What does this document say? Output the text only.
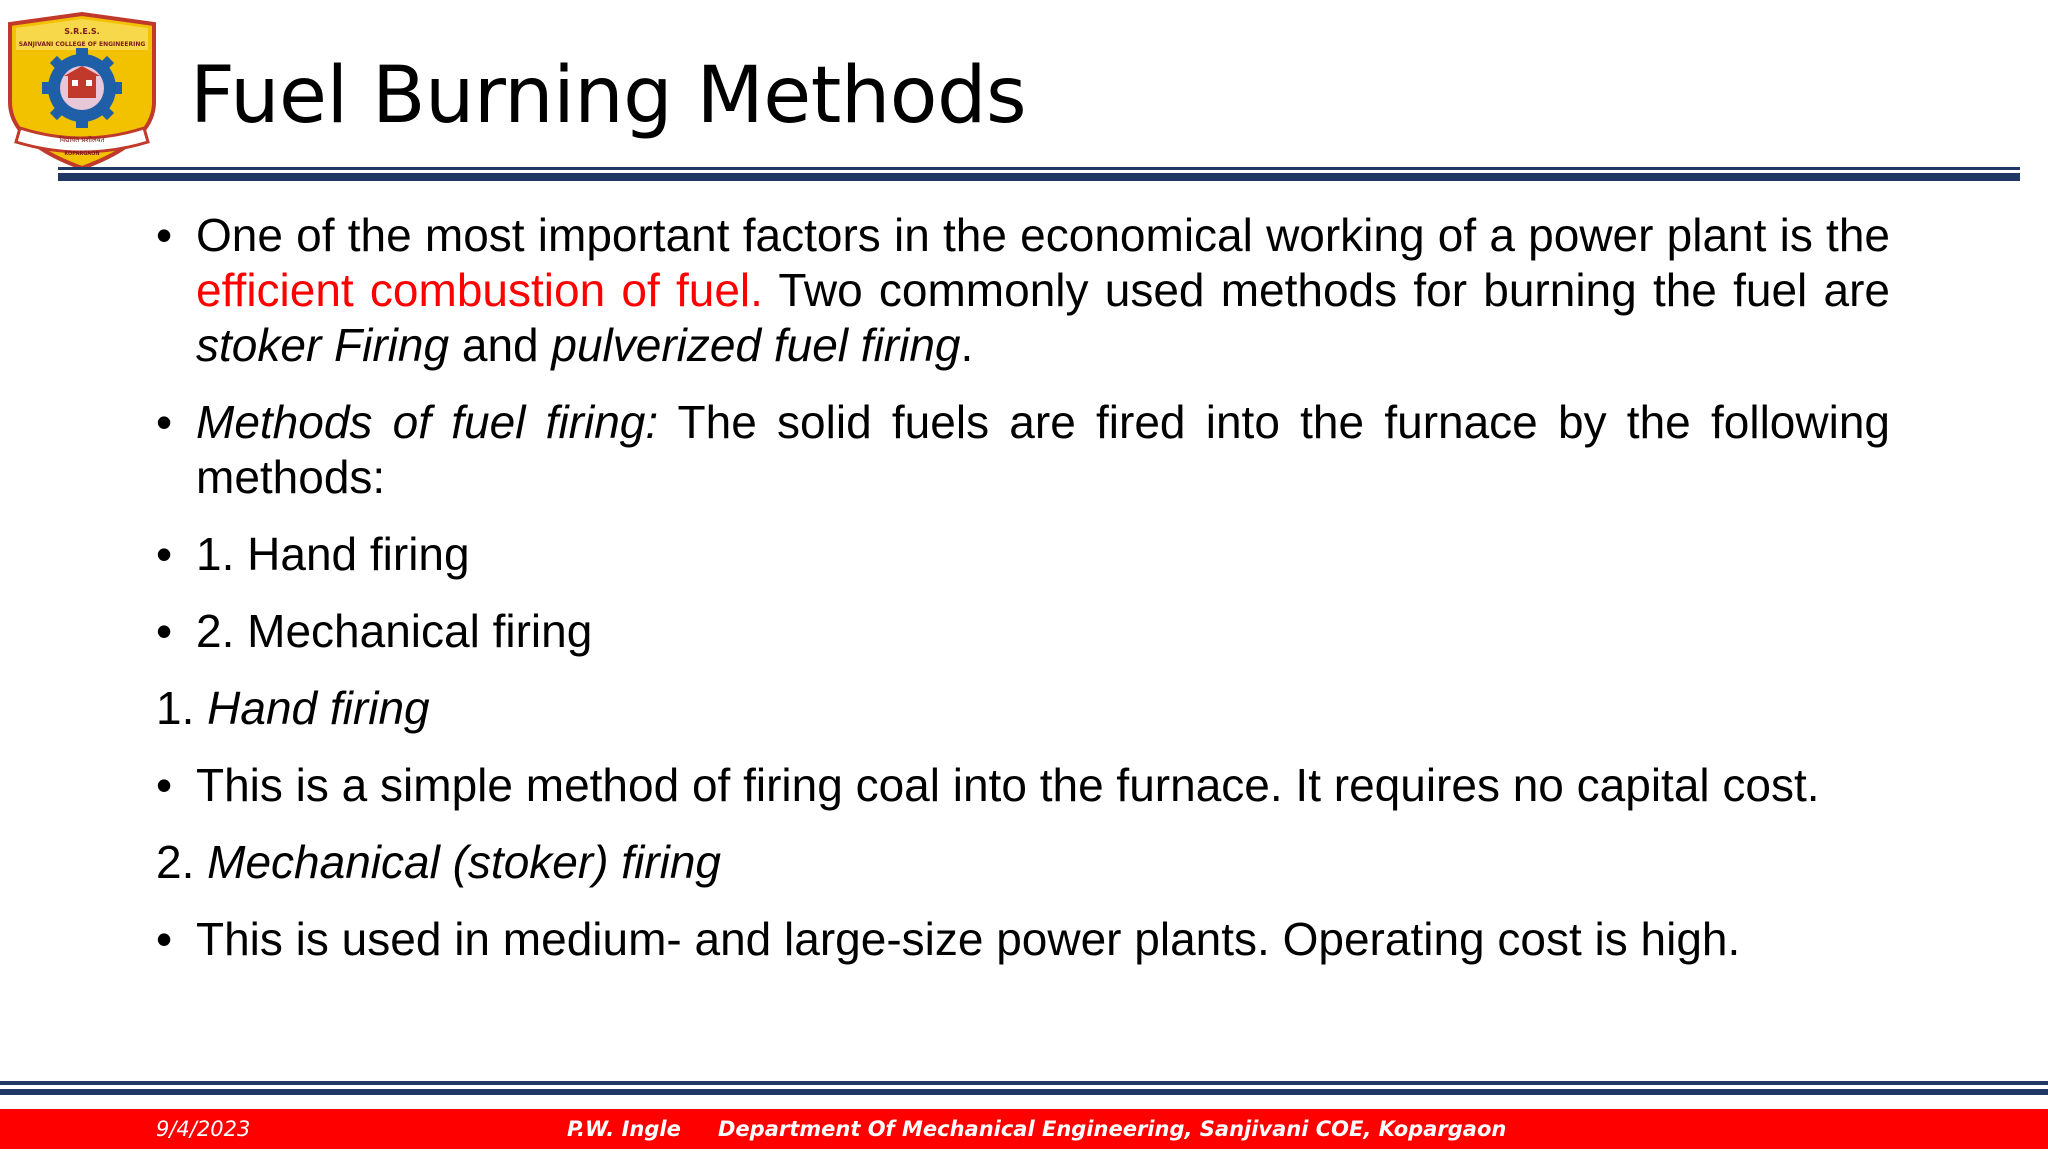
S.R.E.S.
SANJIVANI COLLEGE OF ENGINEERING
विद्यावंत प्रशीलवंत
KOPARGAON
Fuel Burning Methods
• One of the most important factors in the economical working of a power plant is the efficient combustion of fuel. Two commonly used methods for burning the fuel are stoker Firing and pulverized fuel firing.
• Methods of fuel firing: The solid fuels are fired into the furnace by the following methods:
• 1. Hand firing
• 2. Mechanical firing
1. Hand firing
• This is a simple method of firing coal into the furnace. It requires no capital cost.
2. Mechanical (stoker) firing
• This is used in medium- and large-size power plants. Operating cost is high.
9/4/2023	P.W. Ingle Department Of Mechanical Engineering, Sanjivani COE, Kopargaon
